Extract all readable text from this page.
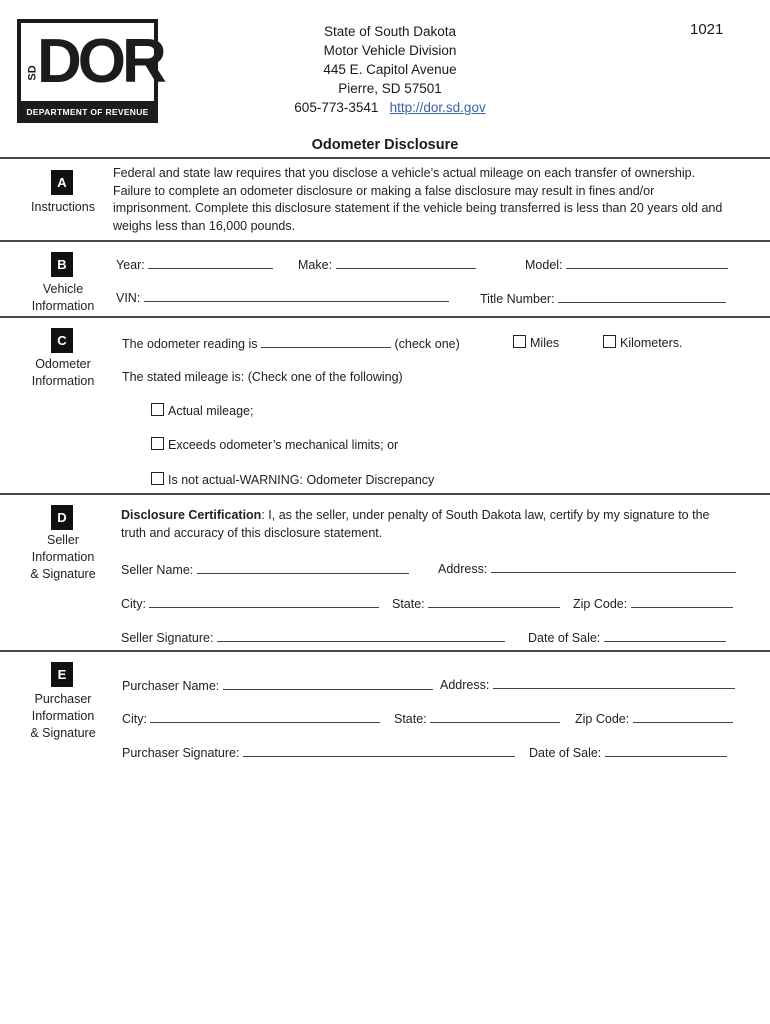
SD
DOR
DEPARTMENT OF REVENUE
State of South Dakota
Motor Vehicle Division
445 E. Capitol Avenue
Pierre, SD 57501
605-773-3541 http://dor.sd.gov
1021
Odometer Disclosure
A
Instructions
Federal and state law requires that you disclose a vehicle’s actual mileage on each transfer of ownership. Failure to complete an odometer disclosure or making a false disclosure may result in fines and/or imprisonment. Complete this disclosure statement if the vehicle being transferred is less than 20 years old and weighs less than 16,000 pounds.
B
Vehicle
Information
Year:	Make:	Model:
VIN:	Title Number:
C
Odometer
Information
The odometer reading is	(check one)	Miles	Kilometers.
The stated mileage is: (Check one of the following)
Actual mileage;
Exceeds odometer’s mechanical limits; or
Is not actual-WARNING: Odometer Discrepancy
D
Seller
Information
& Signature
Disclosure Certification: I, as the seller, under penalty of South Dakota law, certify by my signature to the truth and accuracy of this disclosure statement.
Seller Name:	Address:
City:	State:	Zip Code:
Seller Signature:	Date of Sale:
E
Purchaser
Information
& Signature
Purchaser Name:	Address:
City:	State:	Zip Code:
Purchaser Signature:	Date of Sale:
